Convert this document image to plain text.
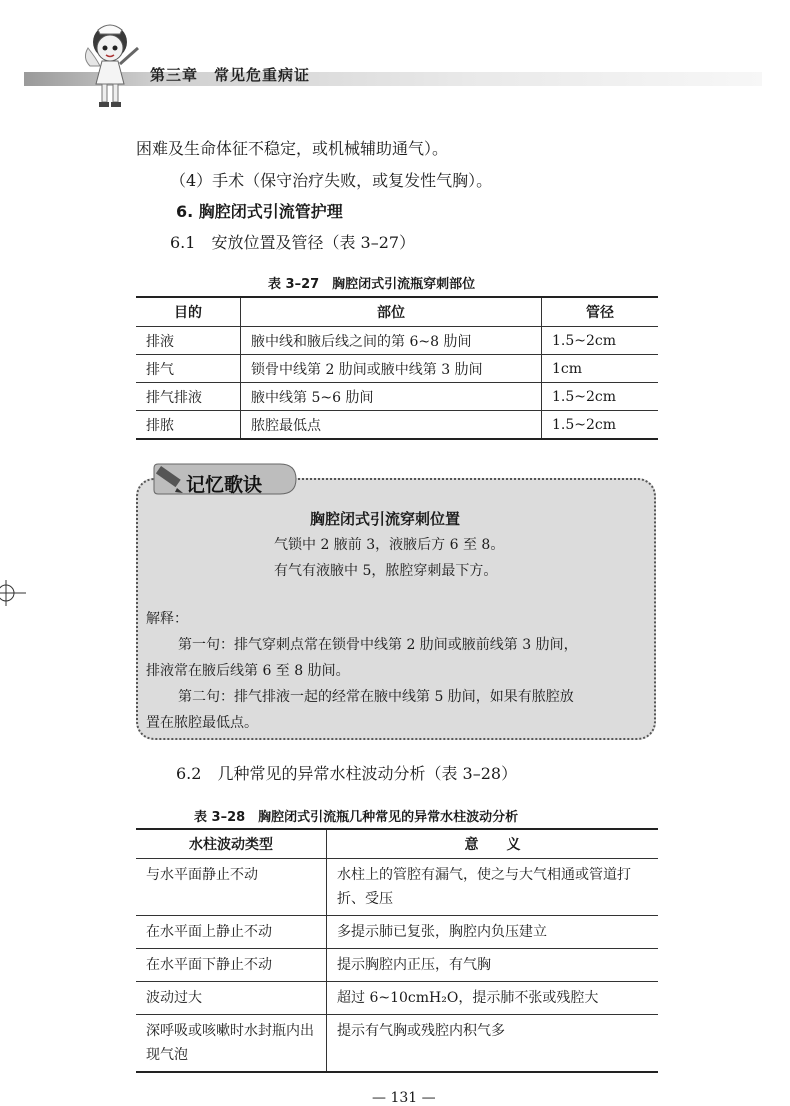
第三章　常见危重病证
困难及生命体征不稳定，或机械辅助通气）。
（4）手术（保守治疗失败，或复发性气胸）。
6. 胸腔闭式引流管护理
6.1　安放位置及管径（表 3–27）
表 3–27　胸腔闭式引流瓶穿刺部位
目的	部位	管径
排液	腋中线和腋后线之间的第 6~8 肋间	1.5~2cm
排气	锁骨中线第 2 肋间或腋中线第 3 肋间	1cm
排气排液	腋中线第 5~6 肋间	1.5~2cm
排脓	脓腔最低点	1.5~2cm
胸腔闭式引流穿刺位置
气锁中 2 腋前 3，液腋后方 6 至 8。
有气有液腋中 5，脓腔穿刺最下方。
解释：
第一句：排气穿刺点常在锁骨中线第 2 肋间或腋前线第 3 肋间，
排液常在腋后线第 6 至 8 肋间。
第二句：排气排液一起的经常在腋中线第 5 肋间，如果有脓腔放
置在脓腔最低点。
记忆歌诀
6.2　几种常见的异常水柱波动分析（表 3–28）
表 3–28　胸腔闭式引流瓶几种常见的异常水柱波动分析
水柱波动类型	意　　义
与水平面静止不动	水柱上的管腔有漏气，使之与大气相通或管道打折、受压
在水平面上静止不动	多提示肺已复张，胸腔内负压建立
在水平面下静止不动	提示胸腔内正压，有气胸
波动过大	超过 6~10cmH₂O，提示肺不张或残腔大
深呼吸或咳嗽时水封瓶内出现气泡	提示有气胸或残腔内积气多
— 131 —
